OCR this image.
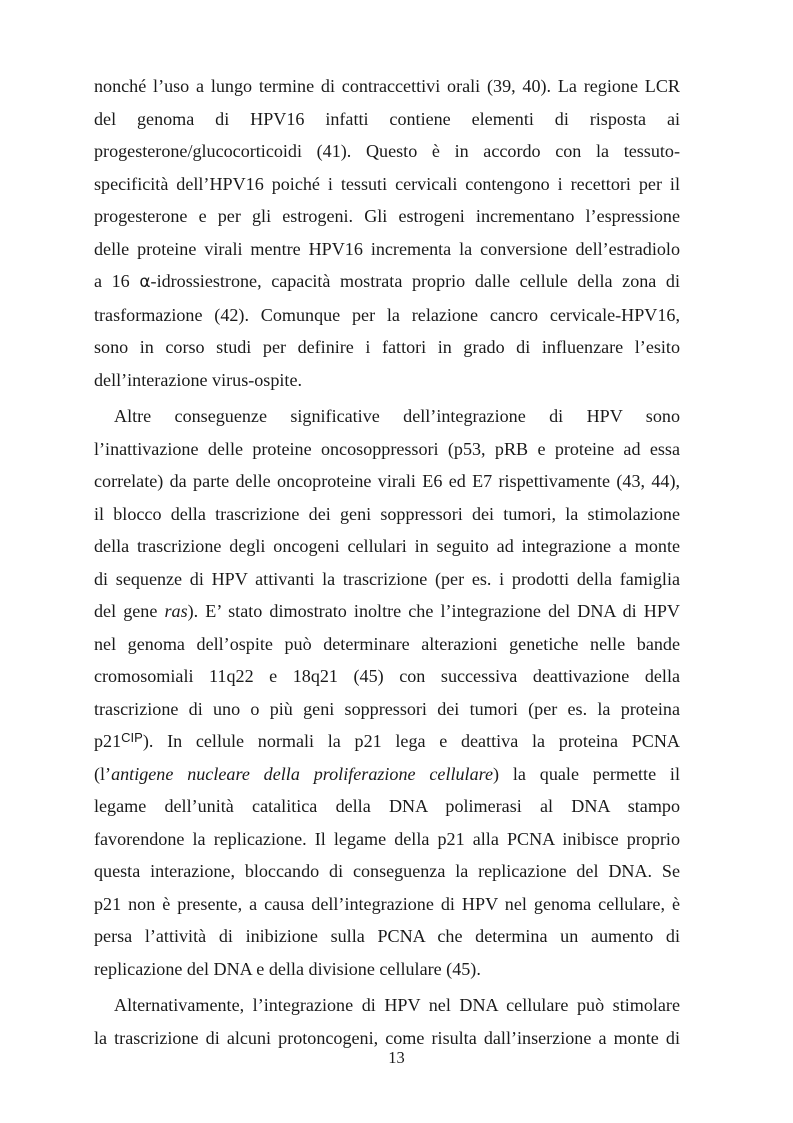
nonché l’uso a lungo termine di contraccettivi orali (39, 40). La regione LCR
del genoma di HPV16 infatti contiene elementi di risposta ai
progesterone/glucocorticoidi (41). Questo è in accordo con la tessuto-
specificità dell’HPV16 poiché i tessuti cervicali contengono i recettori per il
progesterone e per gli estrogeni. Gli estrogeni incrementano l’espressione
delle proteine virali mentre HPV16 incrementa la conversione dell’estradiolo
a 16 α-idrossiestrone, capacità mostrata proprio dalle cellule della zona di
trasformazione (42). Comunque per la relazione cancro cervicale-HPV16,
sono in corso studi per definire i fattori in grado di influenzare l’esito
dell’interazione virus-ospite.

Altre conseguenze significative dell’integrazione di HPV sono
l’inattivazione delle proteine oncosoppressori (p53, pRB e proteine ad essa
correlate) da parte delle oncoproteine virali E6 ed E7 rispettivamente (43, 44),
il blocco della trascrizione dei geni soppressori dei tumori, la stimolazione
della trascrizione degli oncogeni cellulari in seguito ad integrazione a monte
di sequenze di HPV attivanti la trascrizione (per es. i prodotti della famiglia
del gene ras). E’ stato dimostrato inoltre che l’integrazione del DNA di HPV
nel genoma dell’ospite può determinare alterazioni genetiche nelle bande
cromosomiali 11q22 e 18q21 (45) con successiva deattivazione della
trascrizione di uno o più geni soppressori dei tumori (per es. la proteina
$p21^{CIP}$). In cellule normali la p21 lega e deattiva la proteina PCNA
(l’antigene nucleare della proliferazione cellulare) la quale permette il
legame dell’unità catalitica della DNA polimerasi al DNA stampo
favorendone la replicazione. Il legame della p21 alla PCNA inibisce proprio
questa interazione, bloccando di conseguenza la replicazione del DNA. Se
p21 non è presente, a causa dell’integrazione di HPV nel genoma cellulare, è
persa l’attività di inibizione sulla PCNA che determina un aumento di
replicazione del DNA e della divisione cellulare (45).

Alternativamente, l’integrazione di HPV nel DNA cellulare può stimolare
la trascrizione di alcuni protoncogeni, come risulta dall’inserzione a monte di

13
